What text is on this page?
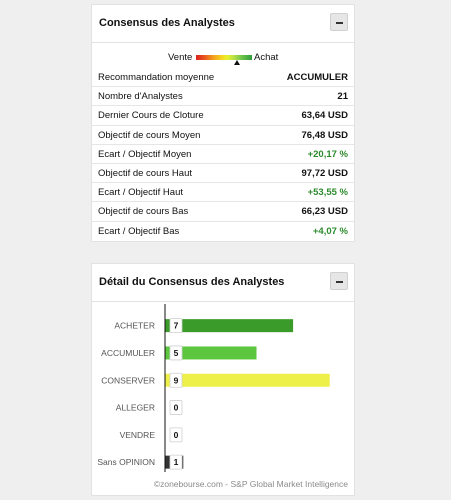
Consensus des Analystes
Vente	Achat
Recommandation moyenne	ACCUMULER
Nombre d'Analystes	21
Dernier Cours de Cloture	63,64 USD
Objectif de cours Moyen	76,48 USD
Ecart / Objectif Moyen	+20,17 %
Objectif de cours Haut	97,72 USD
Ecart / Objectif Haut	+53,55 %
Objectif de cours Bas	66,23 USD
Ecart / Objectif Bas	+4,07 %
Détail du Consensus des Analystes
ACHETER 7
ACCUMULER 5
CONSERVER 9
ALLEGER 0
VENDRE 0
Sans OPINION 1
©zonebourse.com - S&P Global Market Intelligence
